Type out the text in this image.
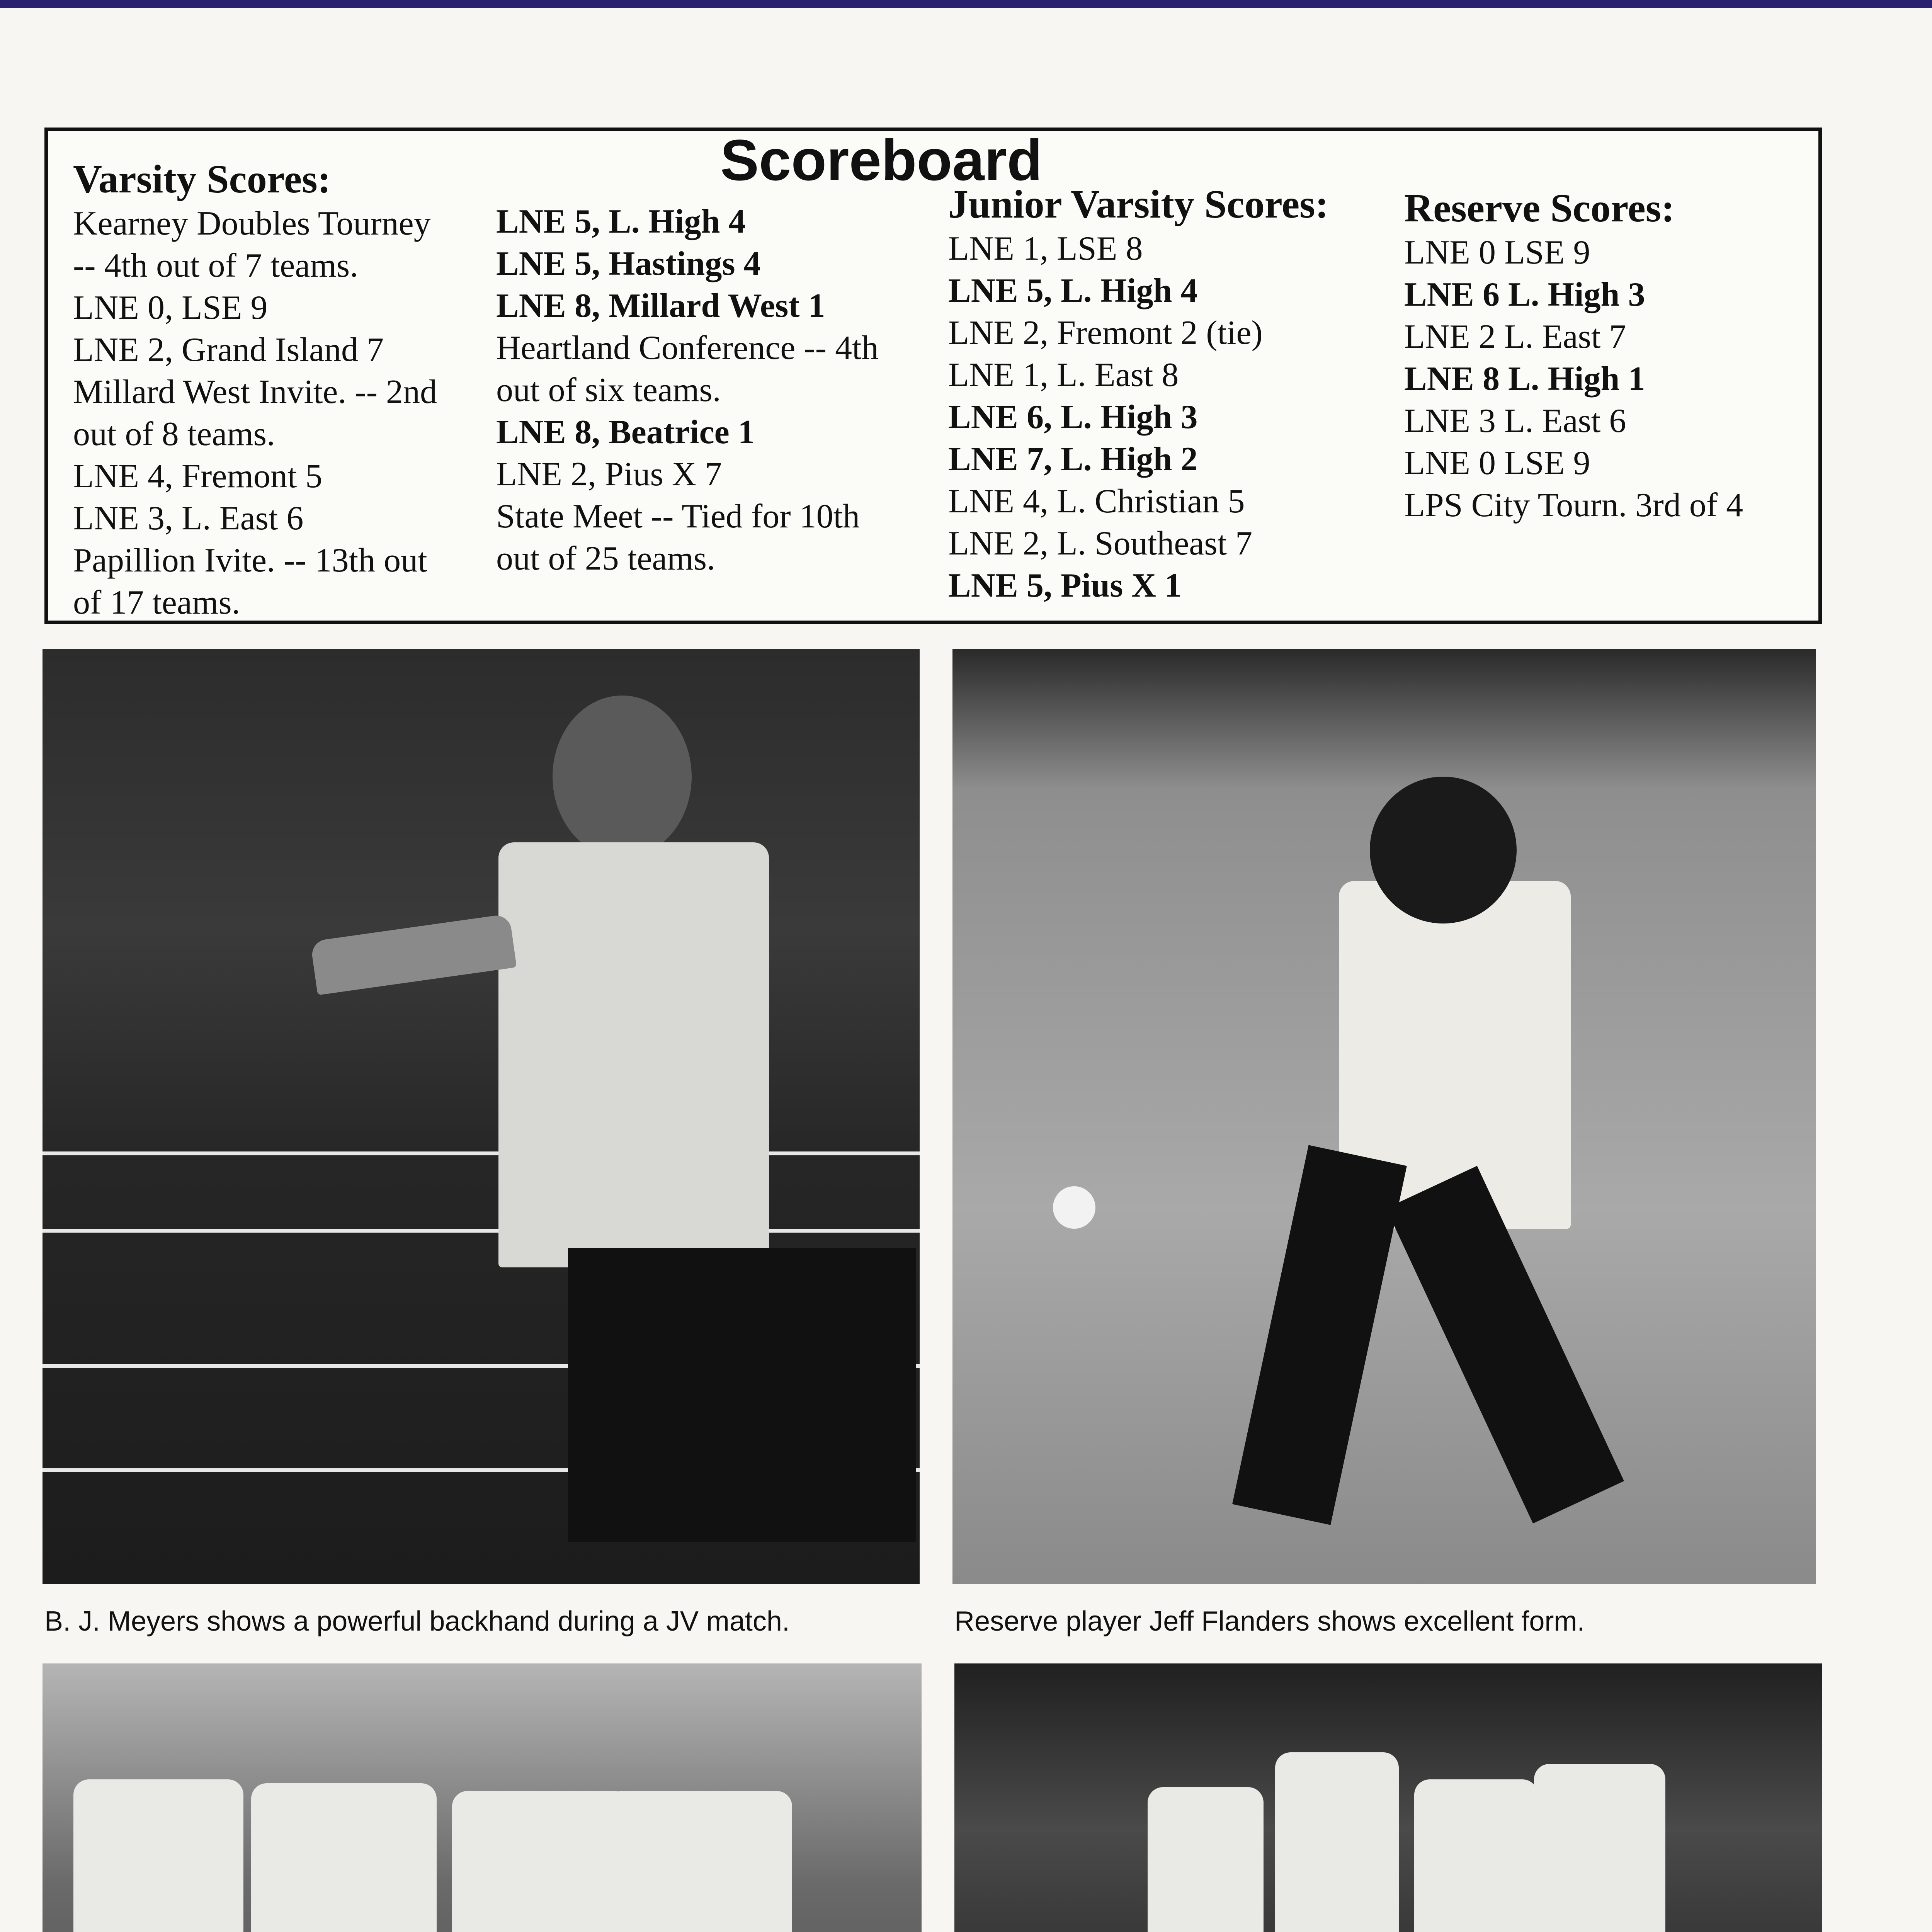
Scoreboard
Varsity Scores:
Kearney Doubles Tourney
-- 4th out of 7 teams.
LNE 0, LSE 9
LNE 2, Grand Island 7
Millard West Invite. -- 2nd
out of 8 teams.
LNE 4, Fremont 5
LNE 3, L. East 6
Papillion Ivite. -- 13th out
of 17 teams.
LNE 5, L. High 4
LNE 5, Hastings 4
LNE 8, Millard West 1
Heartland Conference -- 4th
out of six teams.
LNE 8, Beatrice 1
LNE 2, Pius X 7
State Meet -- Tied for 10th
out of 25 teams.
Junior Varsity Scores:
LNE 1, LSE 8
LNE 5, L. High 4
LNE 2, Fremont 2 (tie)
LNE 1, L. East 8
LNE 6, L. High 3
LNE 7, L. High 2
LNE 4, L. Christian 5
LNE 2, L. Southeast 7
LNE 5, Pius X 1
Reserve Scores:
LNE 0 LSE 9
LNE 6 L. High 3
LNE 2 L. East 7
LNE 8 L. High 1
LNE 3 L. East 6
LNE 0 LSE 9
LPS City Tourn. 3rd of 4
B. J. Meyers shows a powerful backhand during a JV match.	Reserve player Jeff Flanders shows excellent form.
